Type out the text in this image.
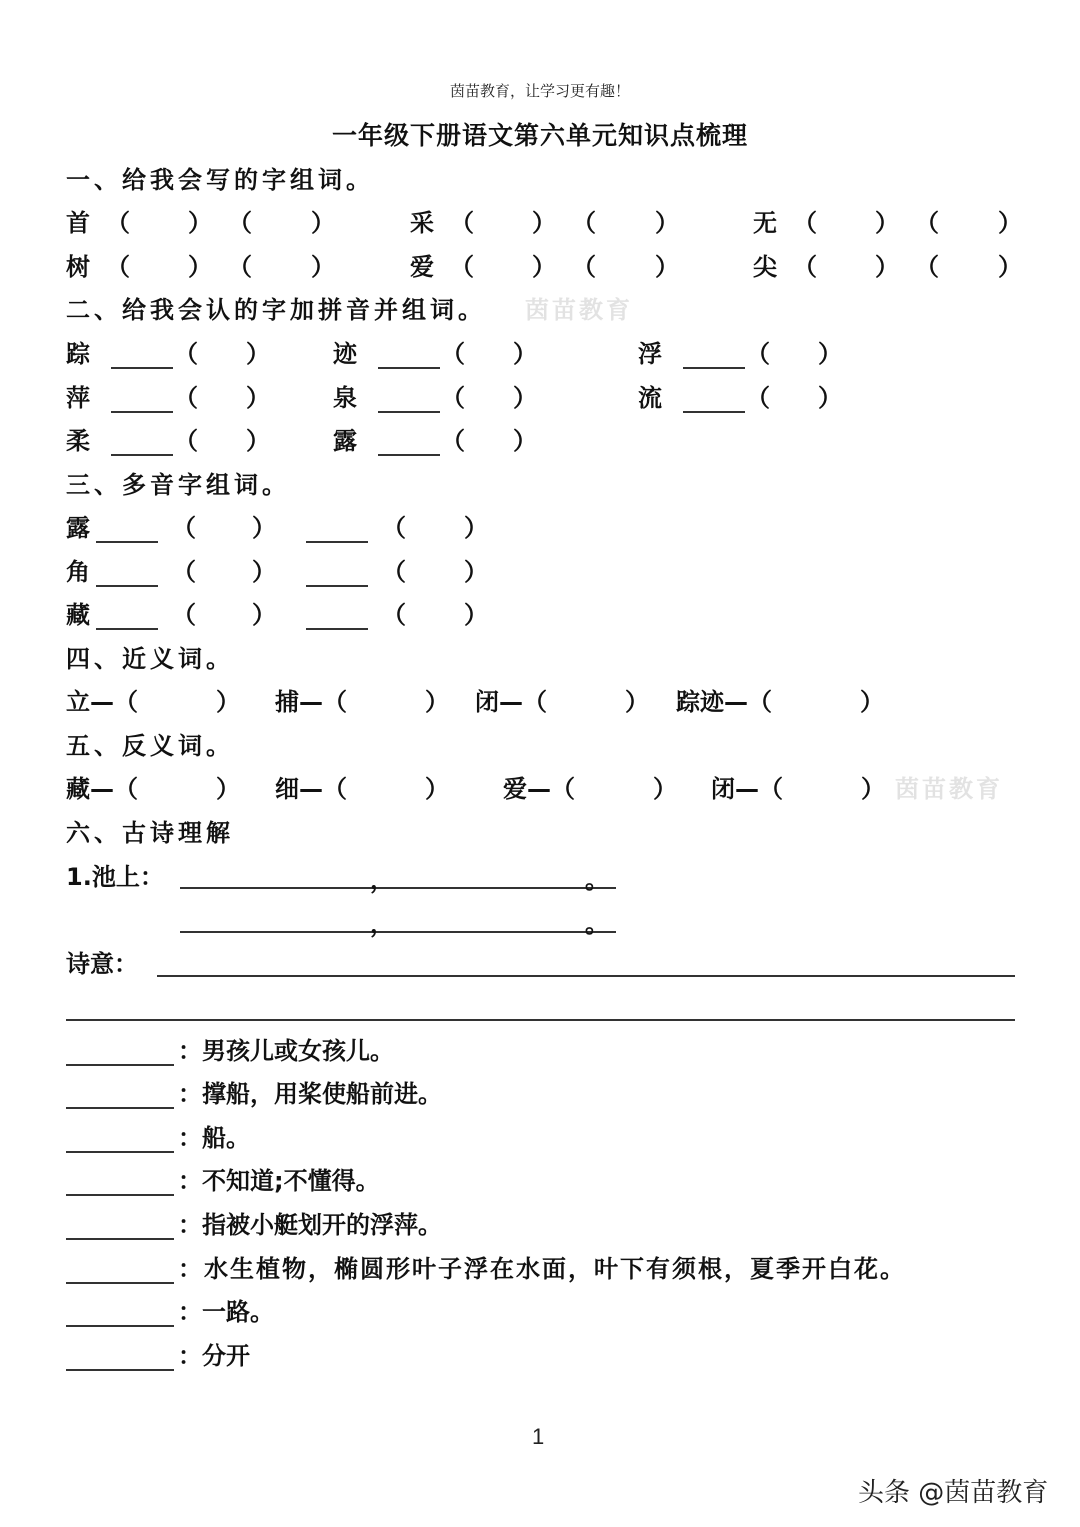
茵苗教育，让学习更有趣！
一年级下册语文第六单元知识点梳理
一、给我会写的字组词。
首 （ ） （ ）	采 （ ） （ ）	无 （ ） （ ）
树 （ ） （ ）	爱 （ ） （ ）	尖 （ ） （ ）
二、给我会认的字加拼音并组词。 茵苗教育
踪	（ ）	迹	（ ）	浮	（ ）
萍	（ ）	泉	（ ）	流	（ ）
柔	（ ）	露	（ ）
三、多音字组词。
露	（ ）	（ ）
角	（ ）	（ ）
藏	（ ）	（ ）
四、近义词。
立—（	） 捕—（	） 闭—（	） 踪迹—（	）
五、反义词。
藏—（	） 细—（	） 爱—（	） 闭—（	） 茵苗教育
六、古诗理解
1.池上：	，	。
，	。
诗意：
：男孩儿或女孩儿。
：撑船，用桨使船前进。
：船。
：不知道;不懂得。
：指被小艇划开的浮萍。
：水生植物，椭圆形叶子浮在水面，叶下有须根，夏季开白花。
：一路。
：分开
1
头条 @茵苗教育
